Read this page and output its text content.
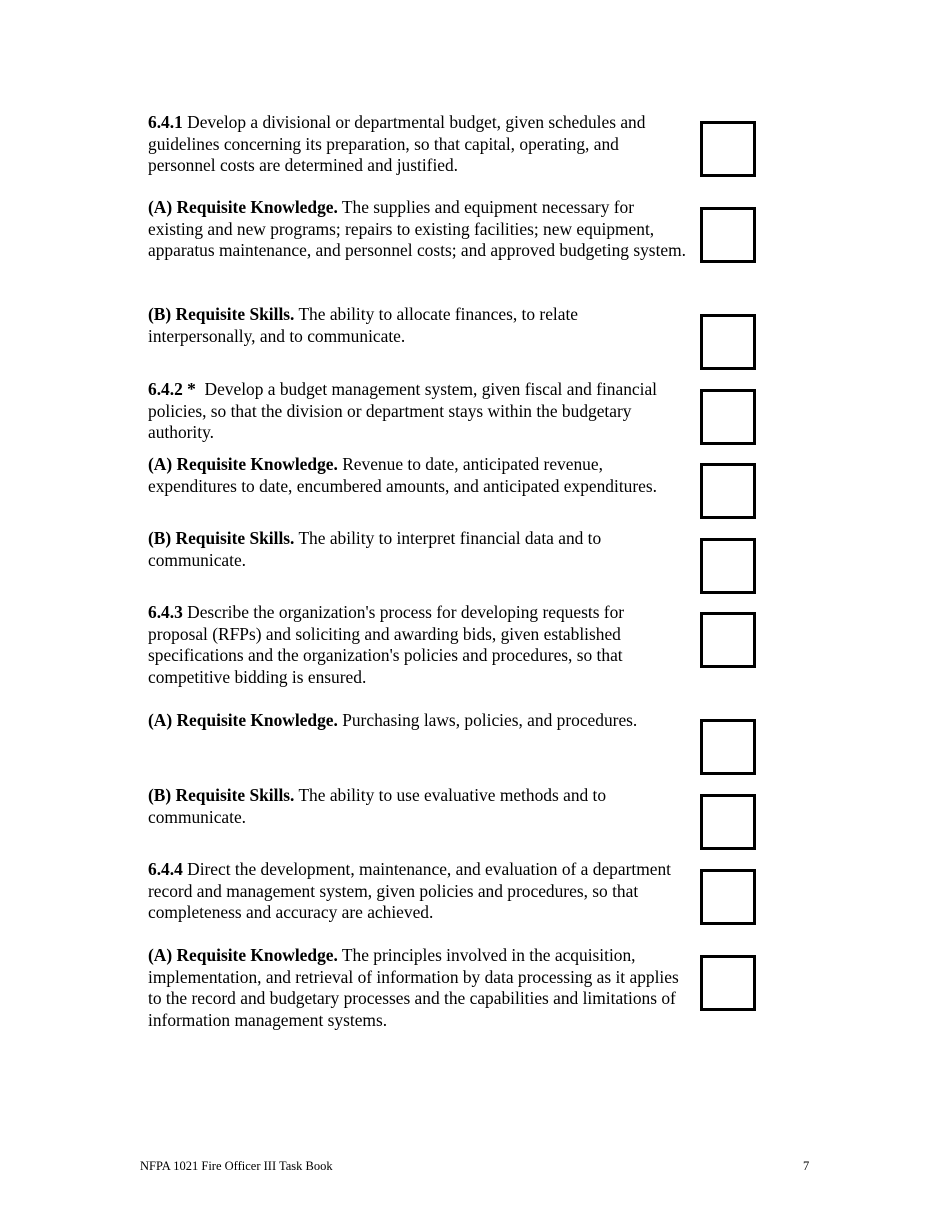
6.4.1 Develop a divisional or departmental budget, given schedules and guidelines concerning its preparation, so that capital, operating, and personnel costs are determined and justified.

(A) Requisite Knowledge. The supplies and equipment necessary for existing and new programs; repairs to existing facilities; new equipment, apparatus maintenance, and personnel costs; and approved budgeting system.

(B) Requisite Skills. The ability to allocate finances, to relate interpersonally, and to communicate.

6.4.2 *  Develop a budget management system, given fiscal and financial policies, so that the division or department stays within the budgetary authority.

(A) Requisite Knowledge. Revenue to date, anticipated revenue, expenditures to date, encumbered amounts, and anticipated expenditures.

(B) Requisite Skills. The ability to interpret financial data and to communicate.

6.4.3 Describe the organization's process for developing requests for proposal (RFPs) and soliciting and awarding bids, given established specifications and the organization's policies and procedures, so that competitive bidding is ensured.

(A) Requisite Knowledge. Purchasing laws, policies, and procedures.

(B) Requisite Skills. The ability to use evaluative methods and to communicate.

6.4.4 Direct the development, maintenance, and evaluation of a department record and management system, given policies and procedures, so that completeness and accuracy are achieved.

(A) Requisite Knowledge. The principles involved in the acquisition, implementation, and retrieval of information by data processing as it applies to the record and budgetary processes and the capabilities and limitations of information management systems.

NFPA 1021 Fire Officer III Task Book	7
